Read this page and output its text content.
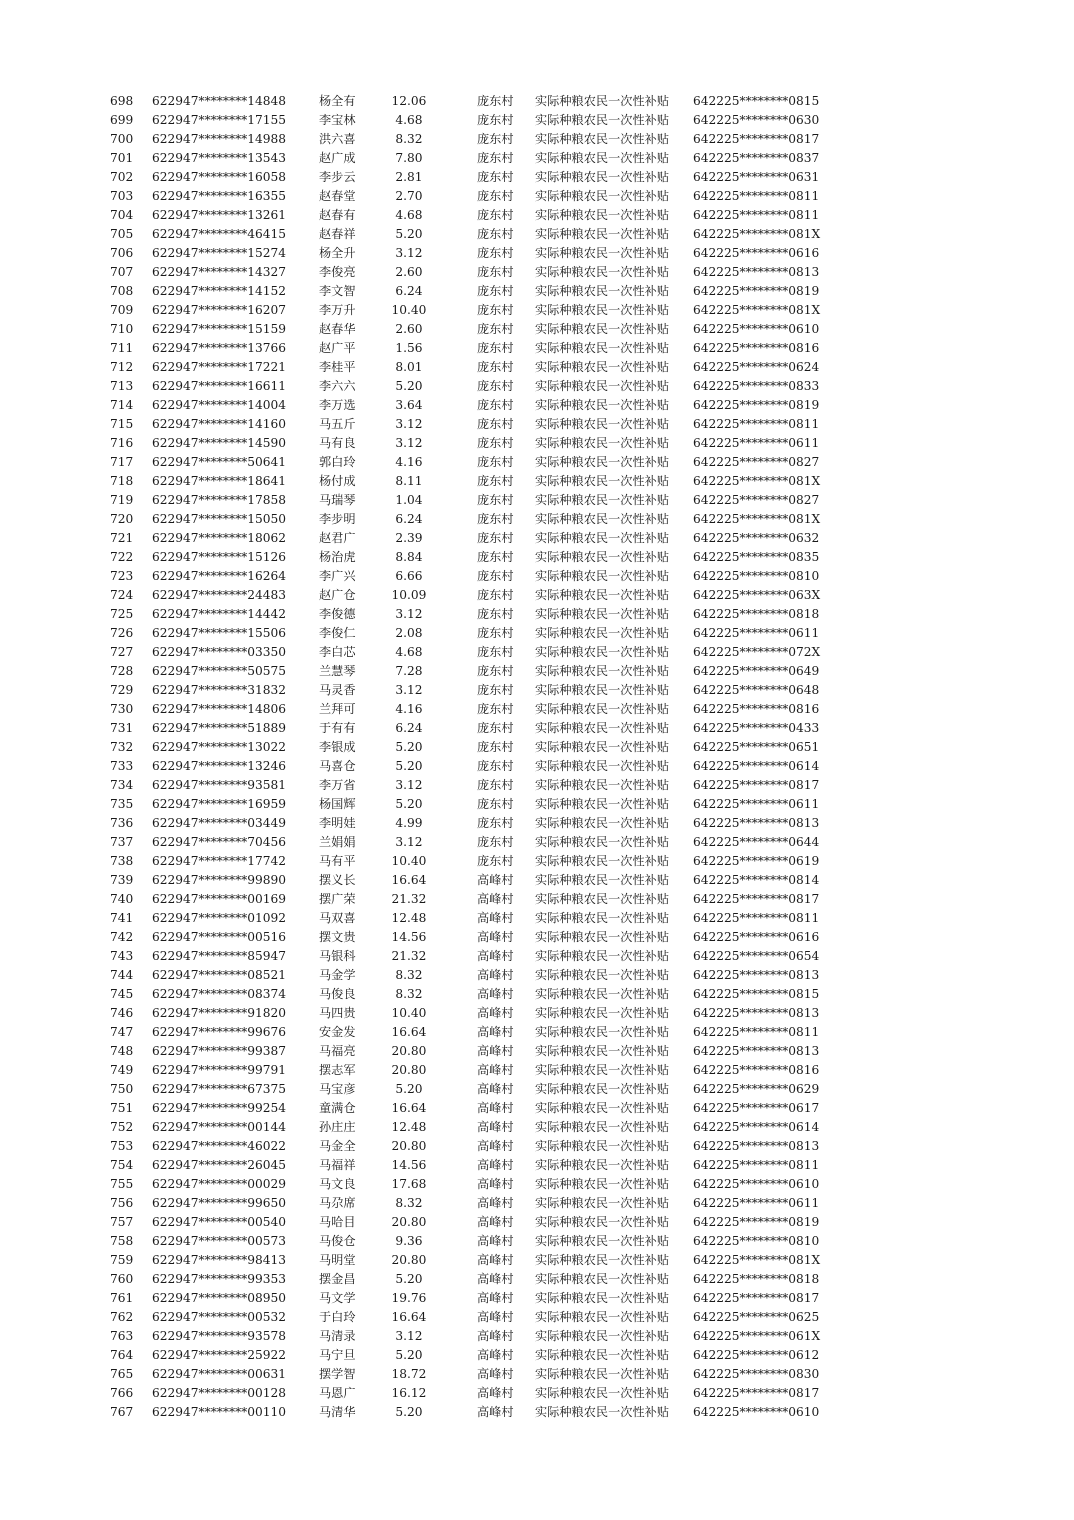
698 622947********14848	杨全有	12.06	庞东村 实际种粮农民一次性补贴 642225********0815
699 622947********17155	李宝林	4.68	庞东村 实际种粮农民一次性补贴 642225********0630
700 622947********14988	洪六喜	8.32	庞东村 实际种粮农民一次性补贴 642225********0817
701 622947********13543	赵广成	7.80	庞东村 实际种粮农民一次性补贴 642225********0837
702 622947********16058	李步云	2.81	庞东村 实际种粮农民一次性补贴 642225********0631
703 622947********16355	赵春堂	2.70	庞东村 实际种粮农民一次性补贴 642225********0811
704 622947********13261	赵春有	4.68	庞东村 实际种粮农民一次性补贴 642225********0811
705 622947********46415	赵春祥	5.20	庞东村 实际种粮农民一次性补贴 642225********081X
706 622947********15274	杨全升	3.12	庞东村 实际种粮农民一次性补贴 642225********0616
707 622947********14327	李俊亮	2.60	庞东村 实际种粮农民一次性补贴 642225********0813
708 622947********14152	李文智	6.24	庞东村 实际种粮农民一次性补贴 642225********0819
709 622947********16207	李万升	10.40	庞东村 实际种粮农民一次性补贴 642225********081X
710 622947********15159	赵春华	2.60	庞东村 实际种粮农民一次性补贴 642225********0610
711 622947********13766	赵广平	1.56	庞东村 实际种粮农民一次性补贴 642225********0816
712 622947********17221	李桂平	8.01	庞东村 实际种粮农民一次性补贴 642225********0624
713 622947********16611	李六六	5.20	庞东村 实际种粮农民一次性补贴 642225********0833
714 622947********14004	李万选	3.64	庞东村 实际种粮农民一次性补贴 642225********0819
715 622947********14160	马五斤	3.12	庞东村 实际种粮农民一次性补贴 642225********0811
716 622947********14590	马有良	3.12	庞东村 实际种粮农民一次性补贴 642225********0611
717 622947********50641	郭白玲	4.16	庞东村 实际种粮农民一次性补贴 642225********0827
718 622947********18641	杨付成	8.11	庞东村 实际种粮农民一次性补贴 642225********081X
719 622947********17858	马瑞琴	1.04	庞东村 实际种粮农民一次性补贴 642225********0827
720 622947********15050	李步明	6.24	庞东村 实际种粮农民一次性补贴 642225********081X
721 622947********18062	赵君广	2.39	庞东村 实际种粮农民一次性补贴 642225********0632
722 622947********15126	杨治虎	8.84	庞东村 实际种粮农民一次性补贴 642225********0835
723 622947********16264	李广兴	6.66	庞东村 实际种粮农民一次性补贴 642225********0810
724 622947********24483	赵广仓	10.09	庞东村 实际种粮农民一次性补贴 642225********063X
725 622947********14442	李俊德	3.12	庞东村 实际种粮农民一次性补贴 642225********0818
726 622947********15506	李俊仁	2.08	庞东村 实际种粮农民一次性补贴 642225********0611
727 622947********03350	李白芯	4.68	庞东村 实际种粮农民一次性补贴 642225********072X
728 622947********50575	兰慧琴	7.28	庞东村 实际种粮农民一次性补贴 642225********0649
729 622947********31832	马灵香	3.12	庞东村 实际种粮农民一次性补贴 642225********0648
730 622947********14806	兰拜可	4.16	庞东村 实际种粮农民一次性补贴 642225********0816
731 622947********51889	于有有	6.24	庞东村 实际种粮农民一次性补贴 642225********0433
732 622947********13022	李银成	5.20	庞东村 实际种粮农民一次性补贴 642225********0651
733 622947********13246	马喜仓	5.20	庞东村 实际种粮农民一次性补贴 642225********0614
734 622947********93581	李万省	3.12	庞东村 实际种粮农民一次性补贴 642225********0817
735 622947********16959	杨国辉	5.20	庞东村 实际种粮农民一次性补贴 642225********0611
736 622947********03449	李明娃	4.99	庞东村 实际种粮农民一次性补贴 642225********0813
737 622947********70456	兰娟娟	3.12	庞东村 实际种粮农民一次性补贴 642225********0644
738 622947********17742	马有平	10.40	庞东村 实际种粮农民一次性补贴 642225********0619
739 622947********99890	摆义长	16.64	高峰村 实际种粮农民一次性补贴 642225********0814
740 622947********00169	摆广荣	21.32	高峰村 实际种粮农民一次性补贴 642225********0817
741 622947********01092	马双喜	12.48	高峰村 实际种粮农民一次性补贴 642225********0811
742 622947********00516	摆文贵	14.56	高峰村 实际种粮农民一次性补贴 642225********0616
743 622947********85947	马银科	21.32	高峰村 实际种粮农民一次性补贴 642225********0654
744 622947********08521	马金学	8.32	高峰村 实际种粮农民一次性补贴 642225********0813
745 622947********08374	马俊良	8.32	高峰村 实际种粮农民一次性补贴 642225********0815
746 622947********91820	马四贵	10.40	高峰村 实际种粮农民一次性补贴 642225********0813
747 622947********99676	安金发	16.64	高峰村 实际种粮农民一次性补贴 642225********0811
748 622947********99387	马福亮	20.80	高峰村 实际种粮农民一次性补贴 642225********0813
749 622947********99791	摆志军	20.80	高峰村 实际种粮农民一次性补贴 642225********0816
750 622947********67375	马宝彦	5.20	高峰村 实际种粮农民一次性补贴 642225********0629
751 622947********99254	童满仓	16.64	高峰村 实际种粮农民一次性补贴 642225********0617
752 622947********00144	孙庄庄	12.48	高峰村 实际种粮农民一次性补贴 642225********0614
753 622947********46022	马金全	20.80	高峰村 实际种粮农民一次性补贴 642225********0813
754 622947********26045	马福祥	14.56	高峰村 实际种粮农民一次性补贴 642225********0811
755 622947********00029	马文良	17.68	高峰村 实际种粮农民一次性补贴 642225********0610
756 622947********99650	马尕席	8.32	高峰村 实际种粮农民一次性补贴 642225********0611
757 622947********00540	马哈目	20.80	高峰村 实际种粮农民一次性补贴 642225********0819
758 622947********00573	马俊仓	9.36	高峰村 实际种粮农民一次性补贴 642225********0810
759 622947********98413	马明堂	20.80	高峰村 实际种粮农民一次性补贴 642225********081X
760 622947********99353	摆金昌	5.20	高峰村 实际种粮农民一次性补贴 642225********0818
761 622947********08950	马文学	19.76	高峰村 实际种粮农民一次性补贴 642225********0817
762 622947********00532	于白玲	16.64	高峰村 实际种粮农民一次性补贴 642225********0625
763 622947********93578	马清录	3.12	高峰村 实际种粮农民一次性补贴 642225********061X
764 622947********25922	马宁旦	5.20	高峰村 实际种粮农民一次性补贴 642225********0612
765 622947********00631	摆学智	18.72	高峰村 实际种粮农民一次性补贴 642225********0830
766 622947********00128	马恩广	16.12	高峰村 实际种粮农民一次性补贴 642225********0817
767 622947********00110	马清华	5.20	高峰村 实际种粮农民一次性补贴 642225********0610
